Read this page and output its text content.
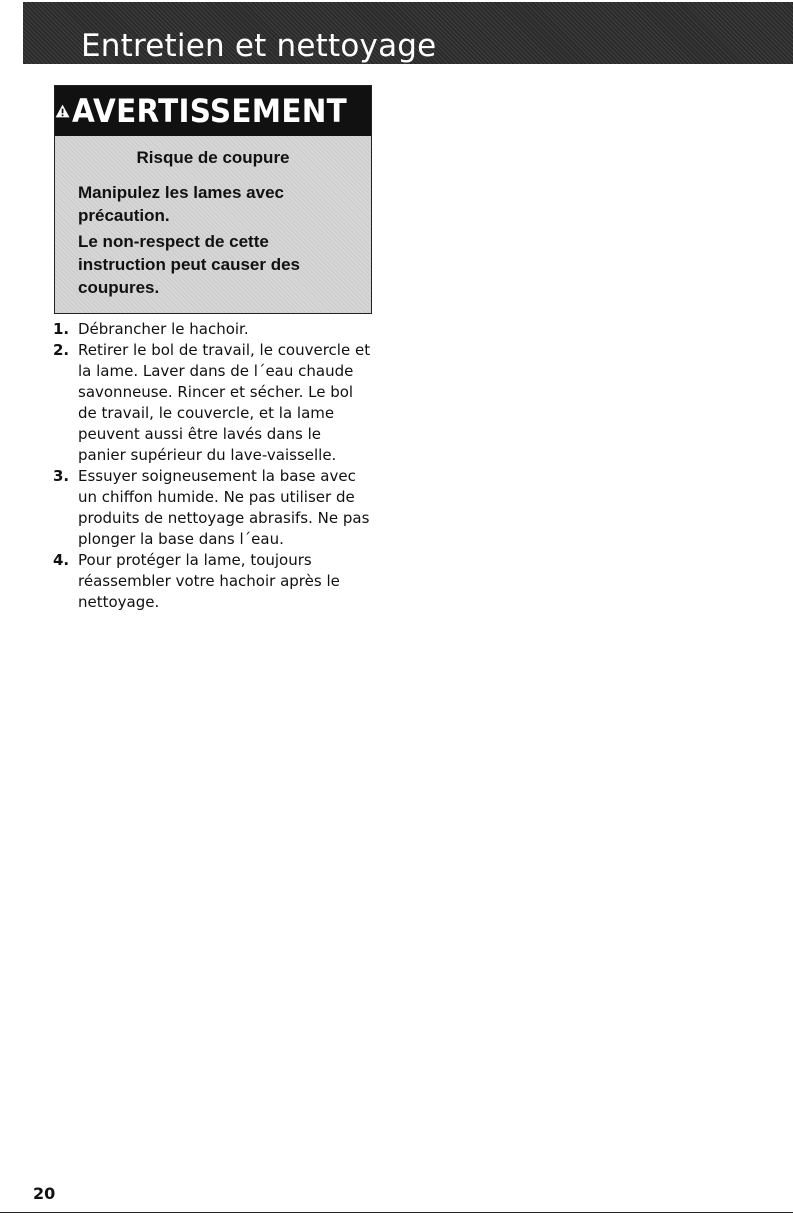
Entretien et nettoyage
AVERTISSEMENT

Risque de coupure

Manipulez les lames avec précaution.

Le non-respect de cette instruction peut causer des coupures.

1. Débrancher le hachoir.
2. Retirer le bol de travail, le couvercle et la lame. Laver dans de l´eau chaude savonneuse. Rincer et sécher. Le bol de travail, le couvercle, et la lame peuvent aussi être lavés dans le panier supérieur du lave-vaisselle.
3. Essuyer soigneusement la base avec un chiffon humide. Ne pas utiliser de produits de nettoyage abrasifs. Ne pas plonger la base dans l´eau.
4. Pour protéger la lame, toujours réassembler votre hachoir après le nettoyage.

20
